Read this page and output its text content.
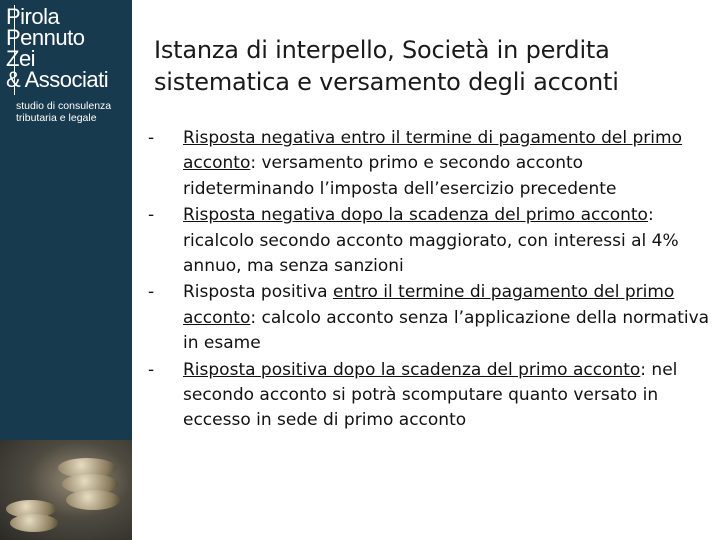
Pirola
Pennuto
Zei
& Associati
studio di consulenza
tributaria e legale
Istanza di interpello, Società in perdita
sistematica e versamento degli acconti
- Risposta negativa entro il termine di pagamento del primo acconto: versamento primo e secondo acconto rideterminando l’imposta dell’esercizio precedente
- Risposta negativa dopo la scadenza del primo acconto: ricalcolo secondo acconto maggiorato, con interessi al 4% annuo, ma senza sanzioni
- Risposta positiva entro il termine di pagamento del primo acconto: calcolo acconto senza l’applicazione della normativa in esame
- Risposta positiva dopo la scadenza del primo acconto: nel secondo acconto si potrà scomputare quanto versato in eccesso in sede di primo acconto
